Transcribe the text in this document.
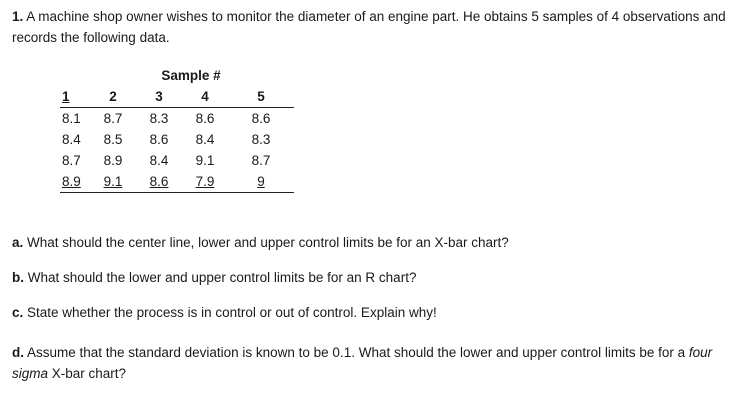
1. A machine shop owner wishes to monitor the diameter of an engine part. He obtains 5 samples of 4 observations and records the following data.
Sample #
1	2	3	4	5
8.1	8.7	8.3	8.6	8.6
8.4	8.5	8.6	8.4	8.3
8.7	8.9	8.4	9.1	8.7
8.9	9.1	8.6	7.9	9
a. What should the center line, lower and upper control limits be for an X-bar chart?
b. What should the lower and upper control limits be for an R chart?
c. State whether the process is in control or out of control. Explain why!
d. Assume that the standard deviation is known to be 0.1. What should the lower and upper control limits be for a four sigma X-bar chart?
